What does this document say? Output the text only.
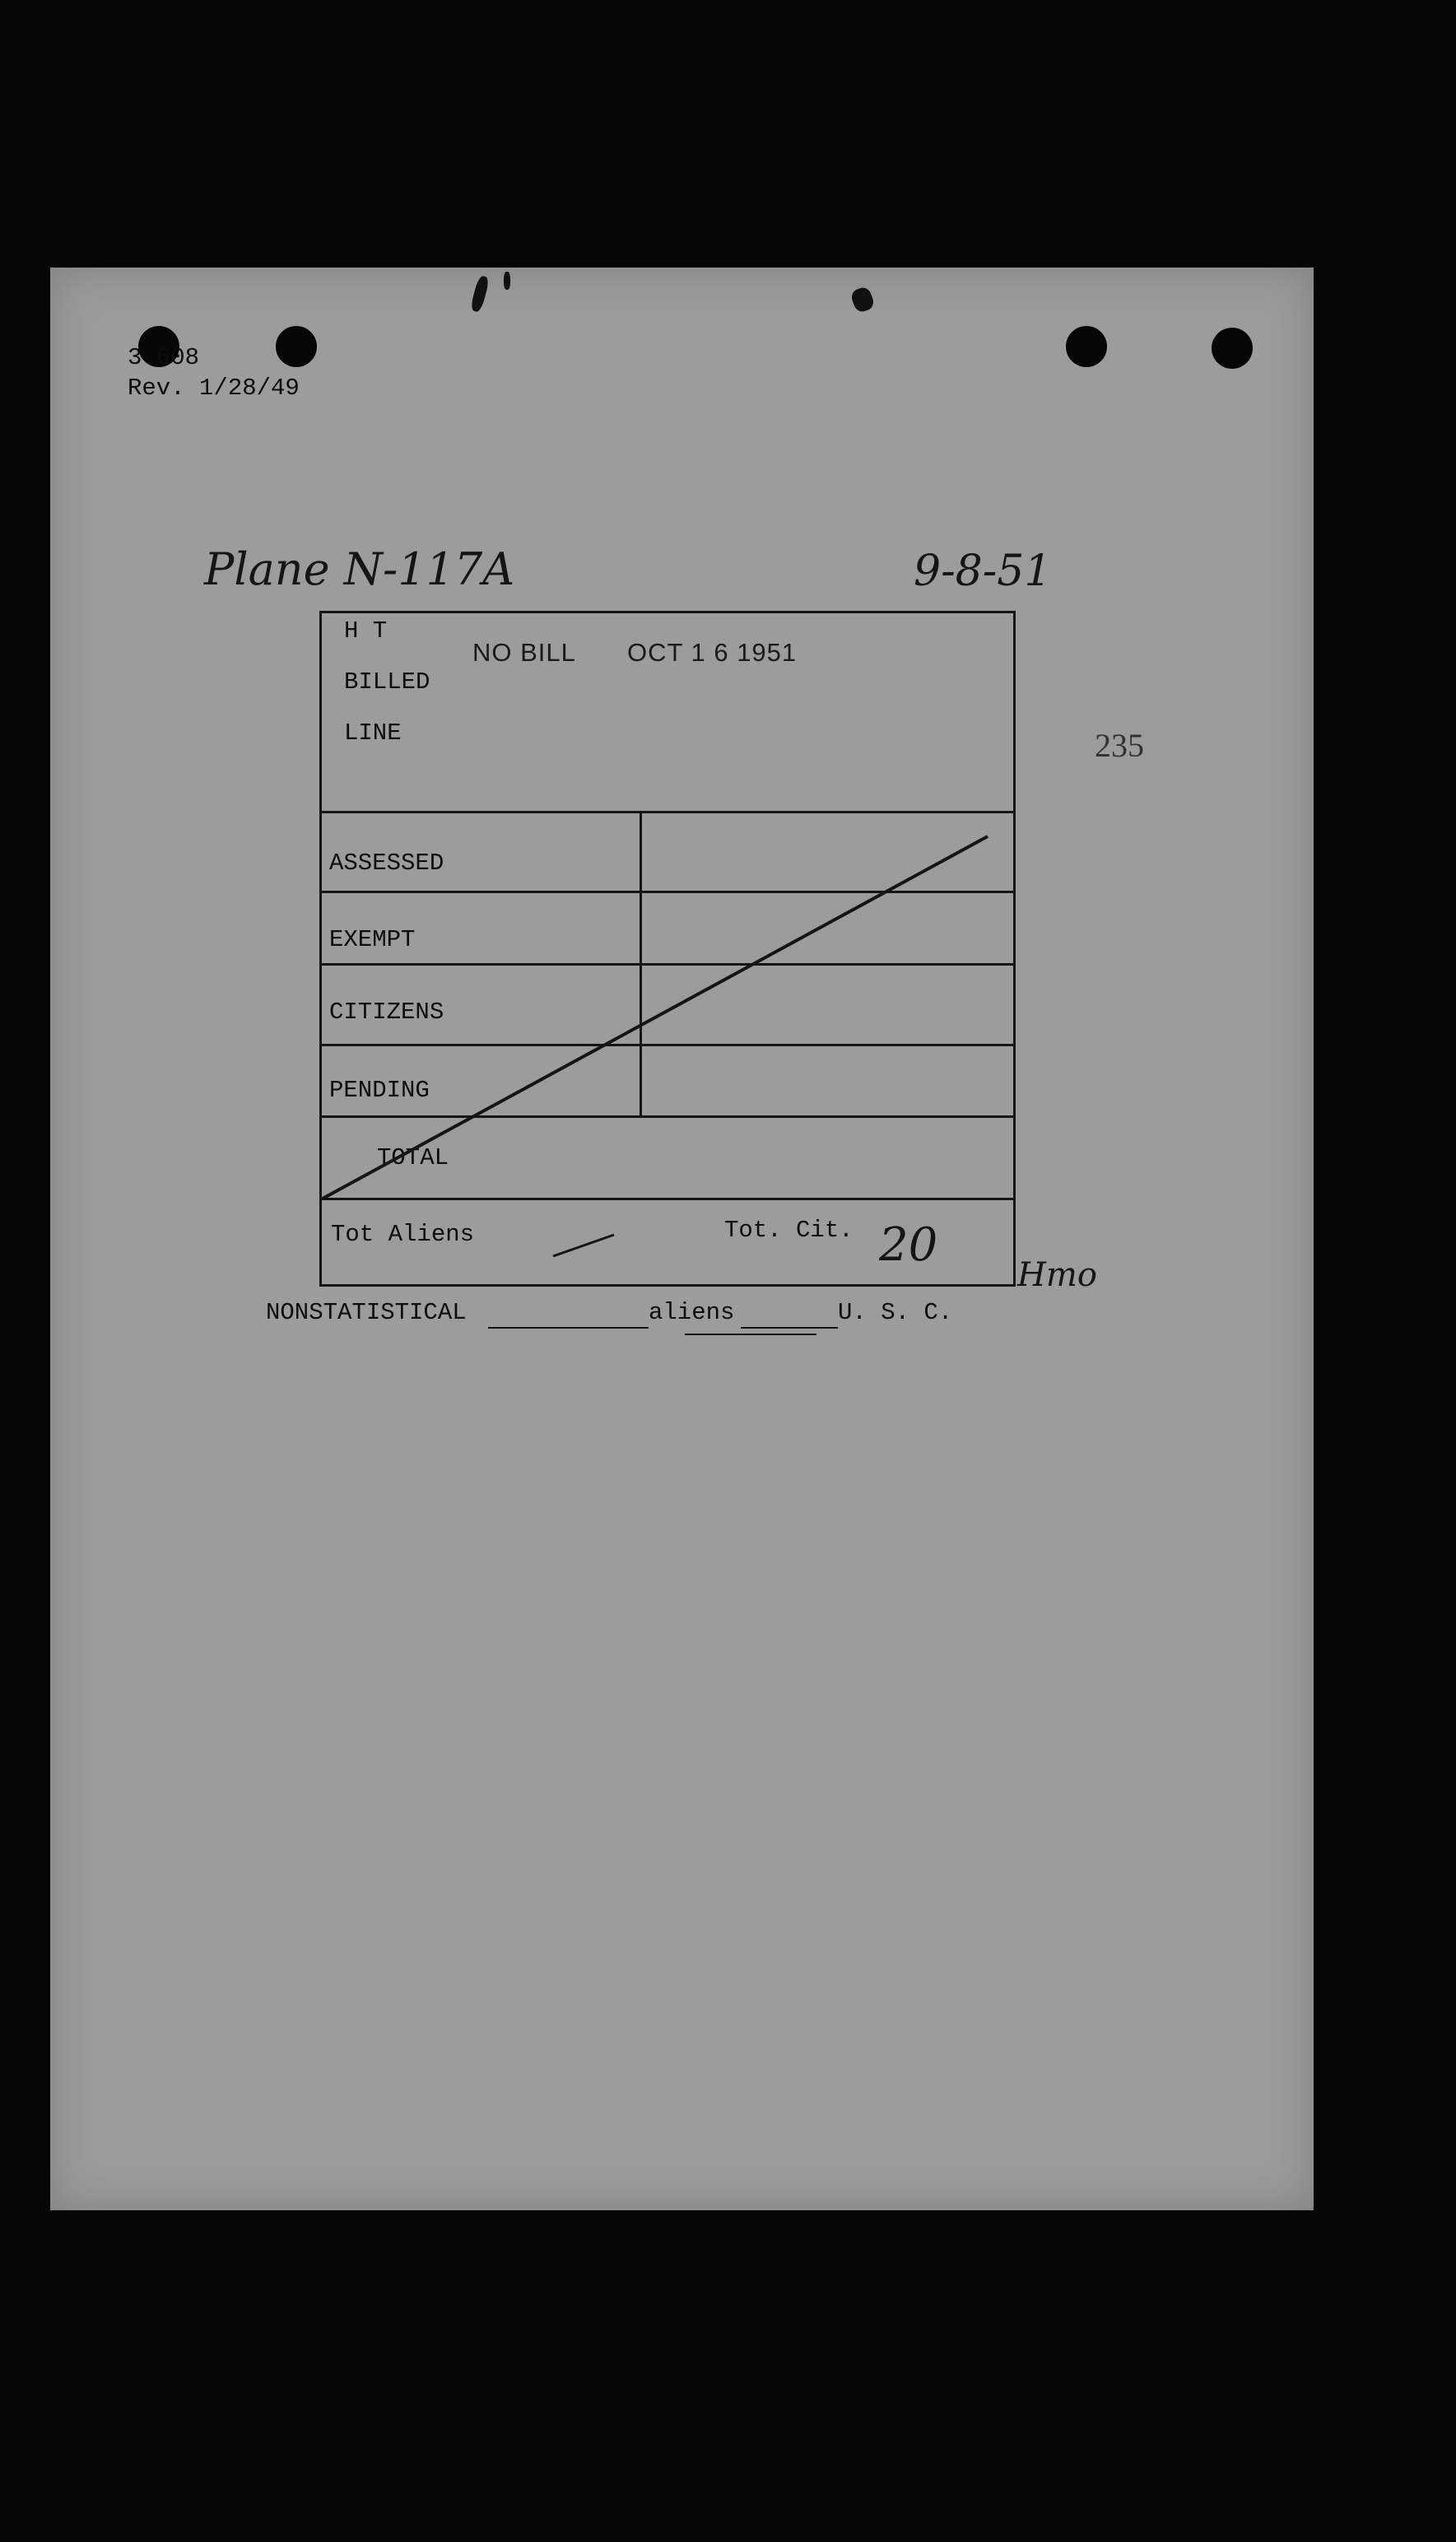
3-608
Rev. 1/28/49
Plane N-117A	9-8-51
NO BILL OCT 1 6 1951
235
H T
BILLED
LINE
ASSESSED
EXEMPT
CITIZENS
PENDING
TOTAL
Tot Aliens	Tot. Cit. 20
Hmo
NONSTATISTICAL	aliens	U. S. C.
